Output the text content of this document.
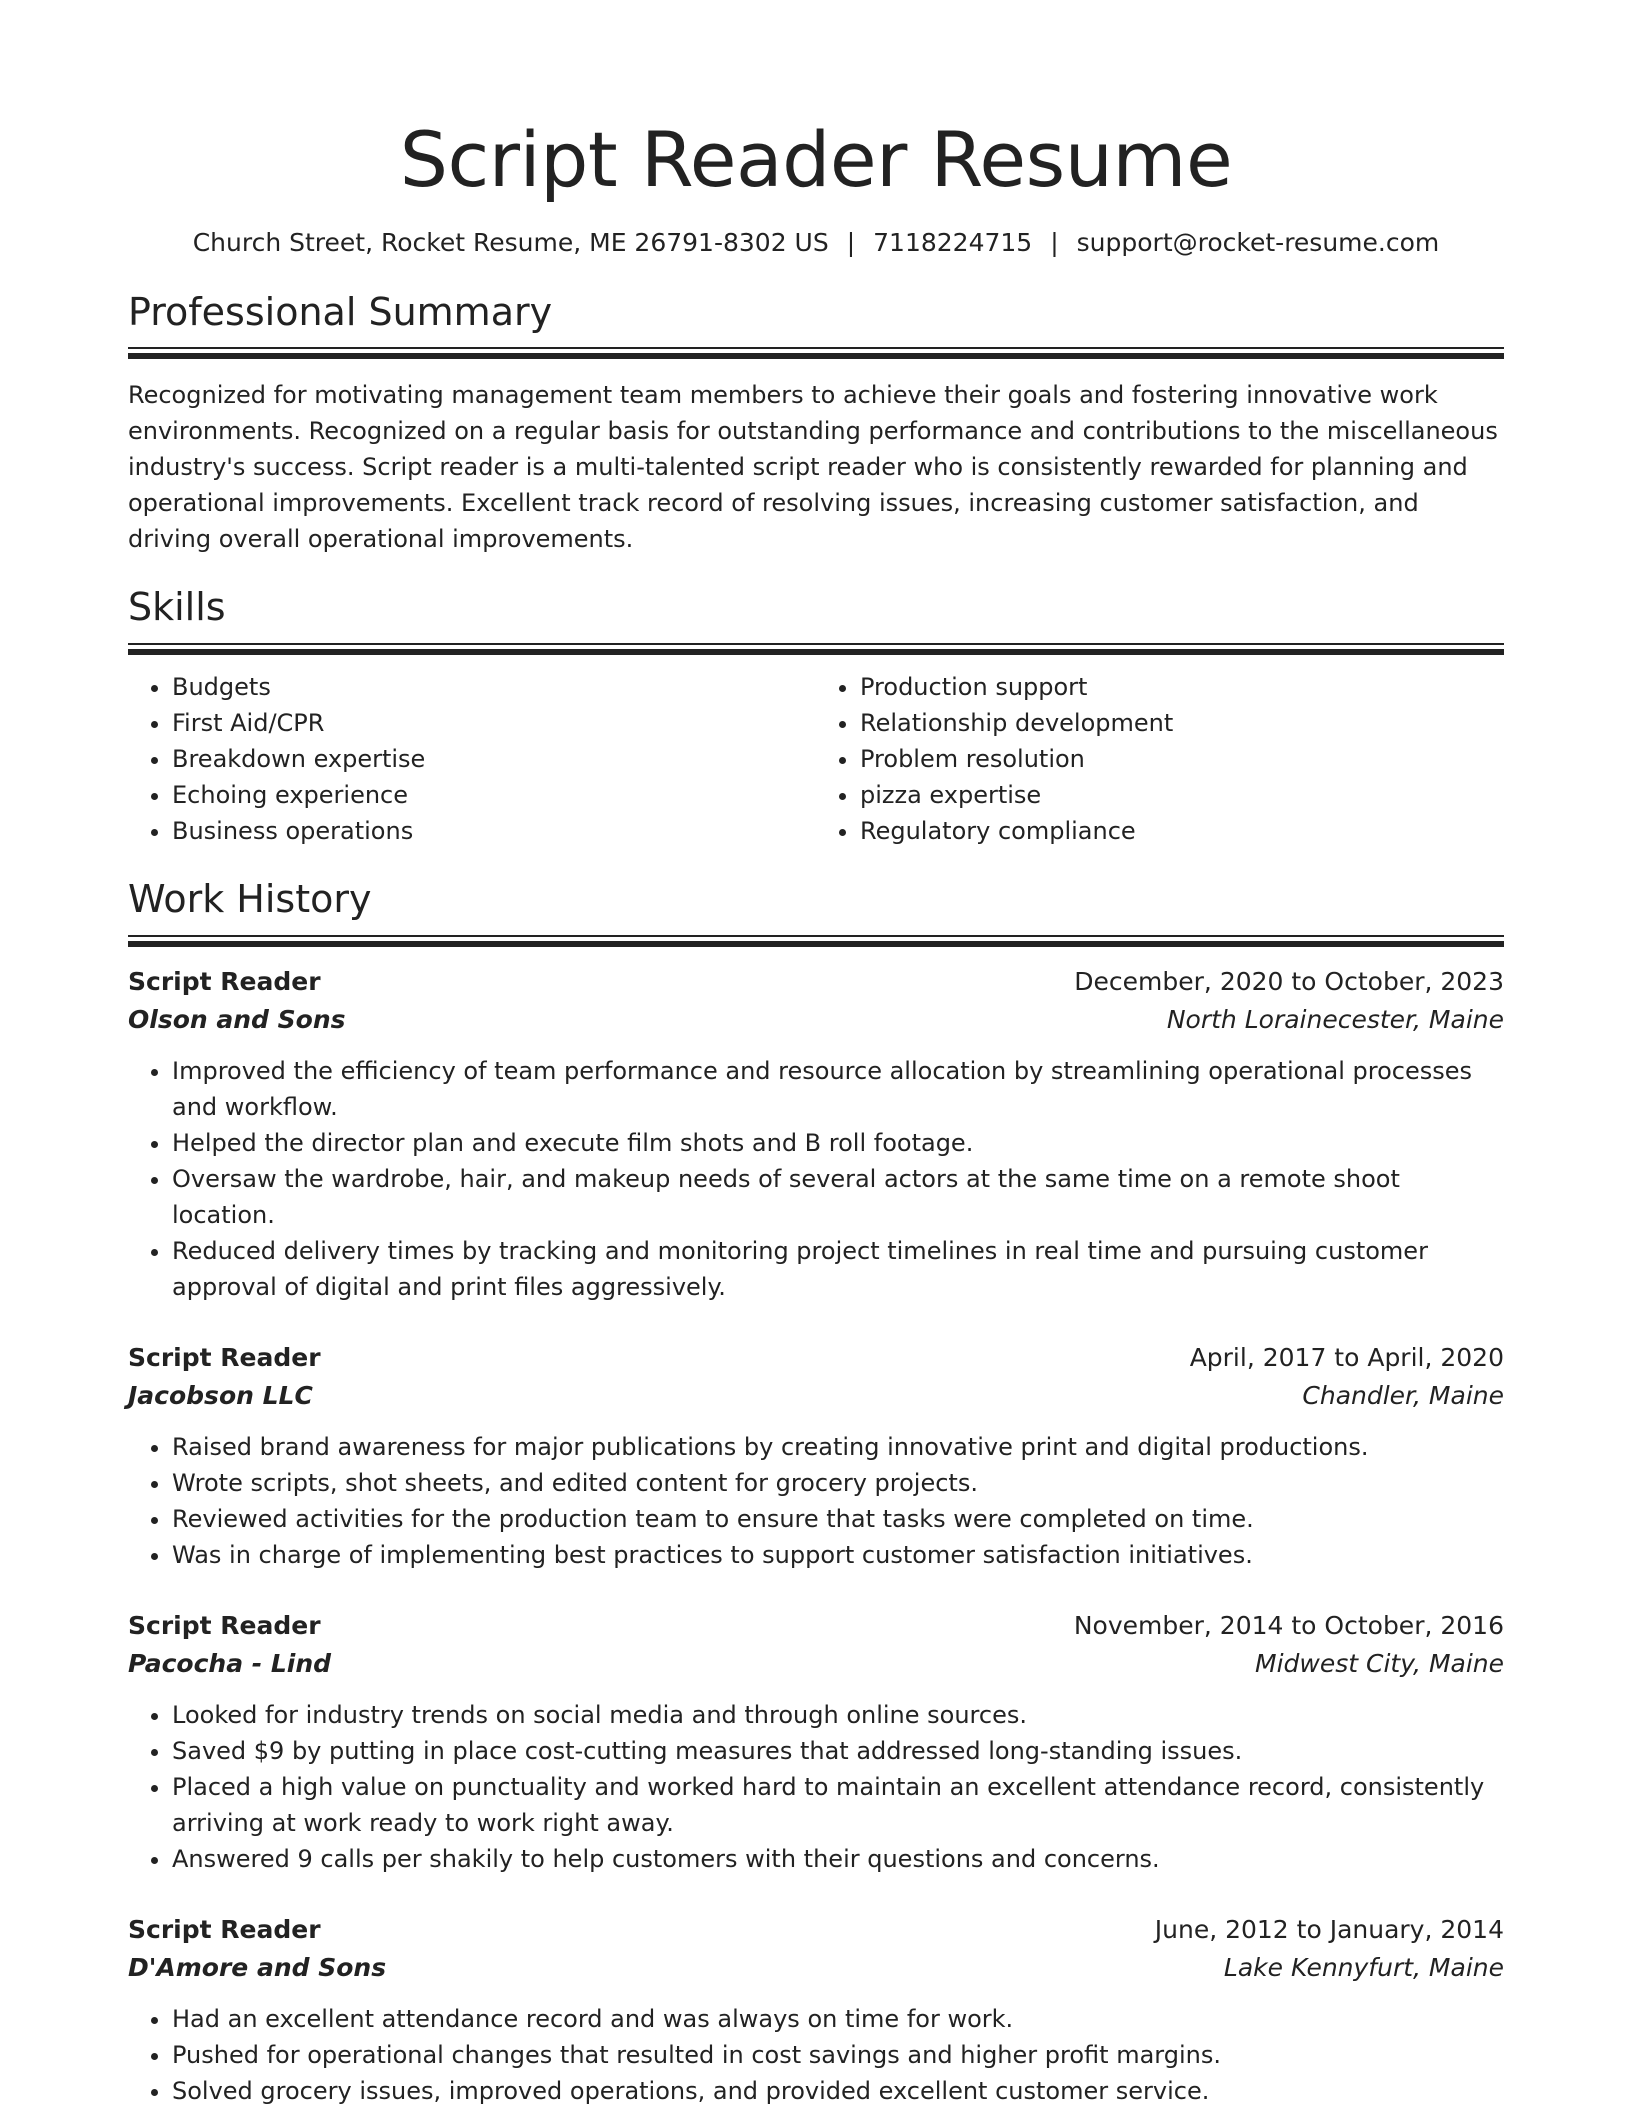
Script Reader Resume
Church Street, Rocket Resume, ME 26791-8302 US | 7118224715 | support@rocket-resume.com
Professional Summary
Recognized for motivating management team members to achieve their goals and fostering innovative work environments. Recognized on a regular basis for outstanding performance and contributions to the miscellaneous industry's success. Script reader is a multi-talented script reader who is consistently rewarded for planning and operational improvements. Excellent track record of resolving issues, increasing customer satisfaction, and driving overall operational improvements.
Skills
• Budgets
• First Aid/CPR
• Breakdown expertise
• Echoing experience
• Business operations
• Production support
• Relationship development
• Problem resolution
• pizza expertise
• Regulatory compliance
Work History
Script Reader	December, 2020 to October, 2023
Olson and Sons	North Lorainecester, Maine
• Improved the efficiency of team performance and resource allocation by streamlining operational processes and workflow.
• Helped the director plan and execute film shots and B roll footage.
• Oversaw the wardrobe, hair, and makeup needs of several actors at the same time on a remote shoot location.
• Reduced delivery times by tracking and monitoring project timelines in real time and pursuing customer approval of digital and print files aggressively.
Script Reader	April, 2017 to April, 2020
Jacobson LLC	Chandler, Maine
• Raised brand awareness for major publications by creating innovative print and digital productions.
• Wrote scripts, shot sheets, and edited content for grocery projects.
• Reviewed activities for the production team to ensure that tasks were completed on time.
• Was in charge of implementing best practices to support customer satisfaction initiatives.
Script Reader	November, 2014 to October, 2016
Pacocha - Lind	Midwest City, Maine
• Looked for industry trends on social media and through online sources.
• Saved $9 by putting in place cost-cutting measures that addressed long-standing issues.
• Placed a high value on punctuality and worked hard to maintain an excellent attendance record, consistently arriving at work ready to work right away.
• Answered 9 calls per shakily to help customers with their questions and concerns.
Script Reader	June, 2012 to January, 2014
D'Amore and Sons	Lake Kennyfurt, Maine
• Had an excellent attendance record and was always on time for work.
• Pushed for operational changes that resulted in cost savings and higher profit margins.
• Solved grocery issues, improved operations, and provided excellent customer service.
